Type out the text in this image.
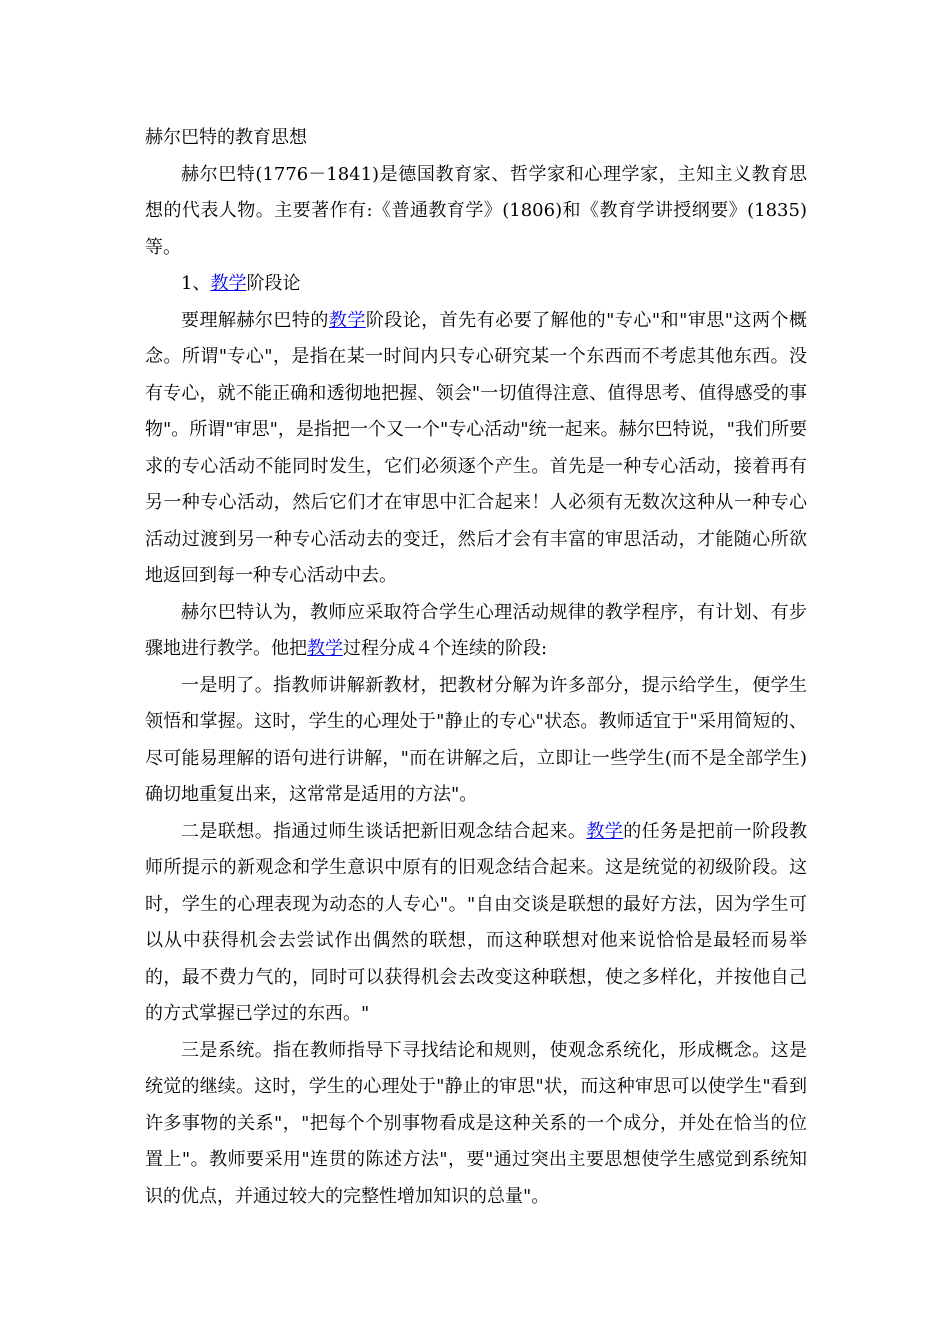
赫尔巴特的教育思想

赫尔巴特(1776－1841)是德国教育家、哲学家和心理学家，主知主义教育思想的代表人物。主要著作有:《普通教育学》(1806)和《教育学讲授纲要》(1835)等。

1、教学阶段论

要理解赫尔巴特的教学阶段论，首先有必要了解他的"专心"和"审思"这两个概念。所谓"专心"，是指在某一时间内只专心研究某一个东西而不考虑其他东西。没有专心，就不能正确和透彻地把握、领会"一切值得注意、值得思考、值得感受的事物"。所谓"审思"，是指把一个又一个"专心活动"统一起来。赫尔巴特说，"我们所要求的专心活动不能同时发生，它们必须逐个产生。首先是一种专心活动，接着再有另一种专心活动，然后它们才在审思中汇合起来！人必须有无数次这种从一种专心活动过渡到另一种专心活动去的变迁，然后才会有丰富的审思活动，才能随心所欲地返回到每一种专心活动中去。

赫尔巴特认为，教师应采取符合学生心理活动规律的教学程序，有计划、有步骤地进行教学。他把教学过程分成４个连续的阶段:

一是明了。指教师讲解新教材，把教材分解为许多部分，提示给学生，便学生领悟和掌握。这时，学生的心理处于"静止的专心"状态。教师适宜于"采用简短的、尽可能易理解的语句进行讲解，"而在讲解之后，立即让一些学生(而不是全部学生)确切地重复出来，这常常是适用的方法"。

二是联想。指通过师生谈话把新旧观念结合起来。教学的任务是把前一阶段教师所提示的新观念和学生意识中原有的旧观念结合起来。这是统觉的初级阶段。这时，学生的心理表现为动态的人专心"。"自由交谈是联想的最好方法，因为学生可以从中获得机会去尝试作出偶然的联想，而这种联想对他来说恰恰是最轻而易举的，最不费力气的，同时可以获得机会去改变这种联想，使之多样化，并按他自己的方式掌握已学过的东西。"

三是系统。指在教师指导下寻找结论和规则，使观念系统化，形成概念。这是统觉的继续。这时，学生的心理处于"静止的审思"状，而这种审思可以使学生"看到许多事物的关系"，"把每个个别事物看成是这种关系的一个成分，并处在恰当的位置上"。教师要采用"连贯的陈述方法"，要"通过突出主要思想使学生感觉到系统知识的优点，并通过较大的完整性增加知识的总量"。
